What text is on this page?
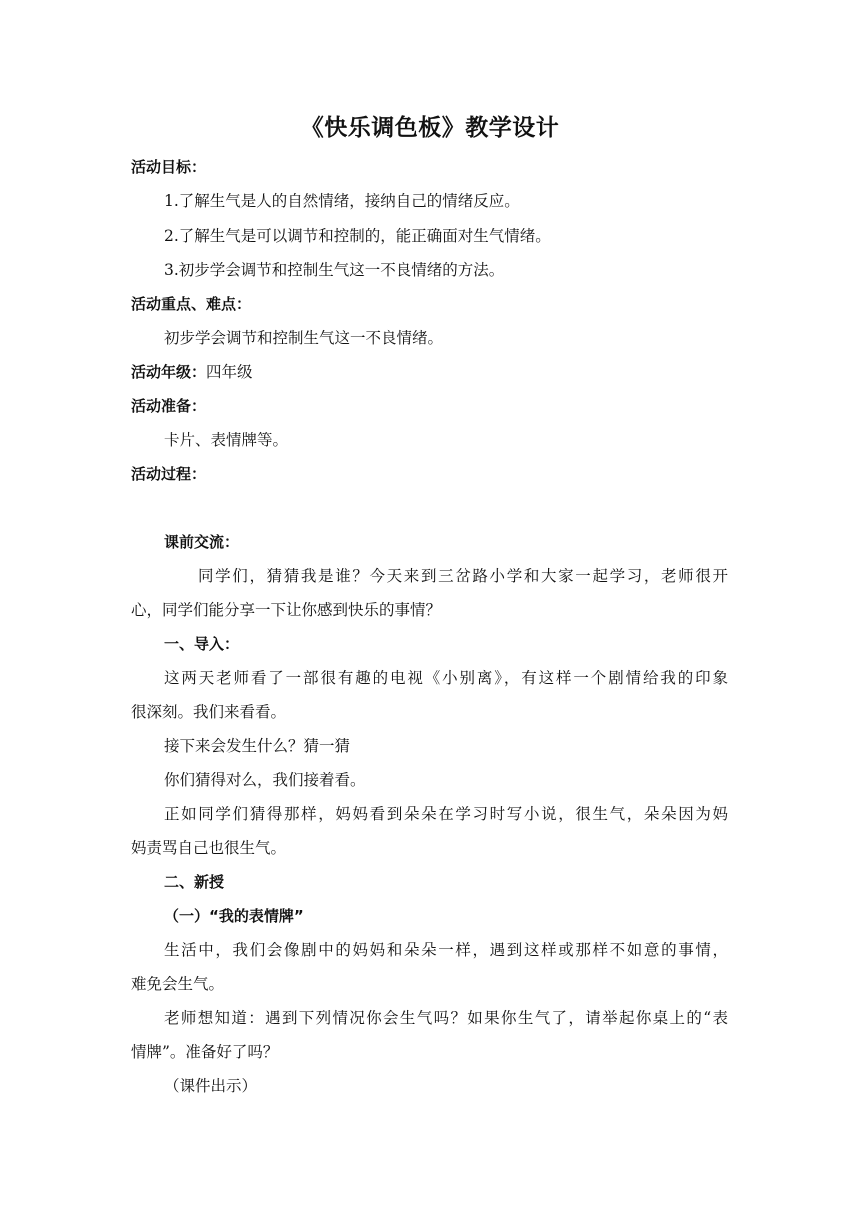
《快乐调色板》教学设计
活动目标：
1.了解生气是人的自然情绪，接纳自己的情绪反应。
2.了解生气是可以调节和控制的，能正确面对生气情绪。
3.初步学会调节和控制生气这一不良情绪的方法。
活动重点、难点：
初步学会调节和控制生气这一不良情绪。
活动年级：四年级
活动准备：
卡片、表情牌等。
活动过程：
课前交流：
同学们，猜猜我是谁？今天来到三岔路小学和大家一起学习，老师很开
心，同学们能分享一下让你感到快乐的事情？
一、导入：
这两天老师看了一部很有趣的电视《小别离》，有这样一个剧情给我的印象
很深刻。我们来看看。
接下来会发生什么？猜一猜
你们猜得对么，我们接着看。
正如同学们猜得那样，妈妈看到朵朵在学习时写小说，很生气，朵朵因为妈
妈责骂自己也很生气。
二、新授
（一）“我的表情牌”
生活中，我们会像剧中的妈妈和朵朵一样，遇到这样或那样不如意的事情，
难免会生气。
老师想知道：遇到下列情况你会生气吗？如果你生气了，请举起你桌上的“表
情牌”。准备好了吗？
（课件出示）
